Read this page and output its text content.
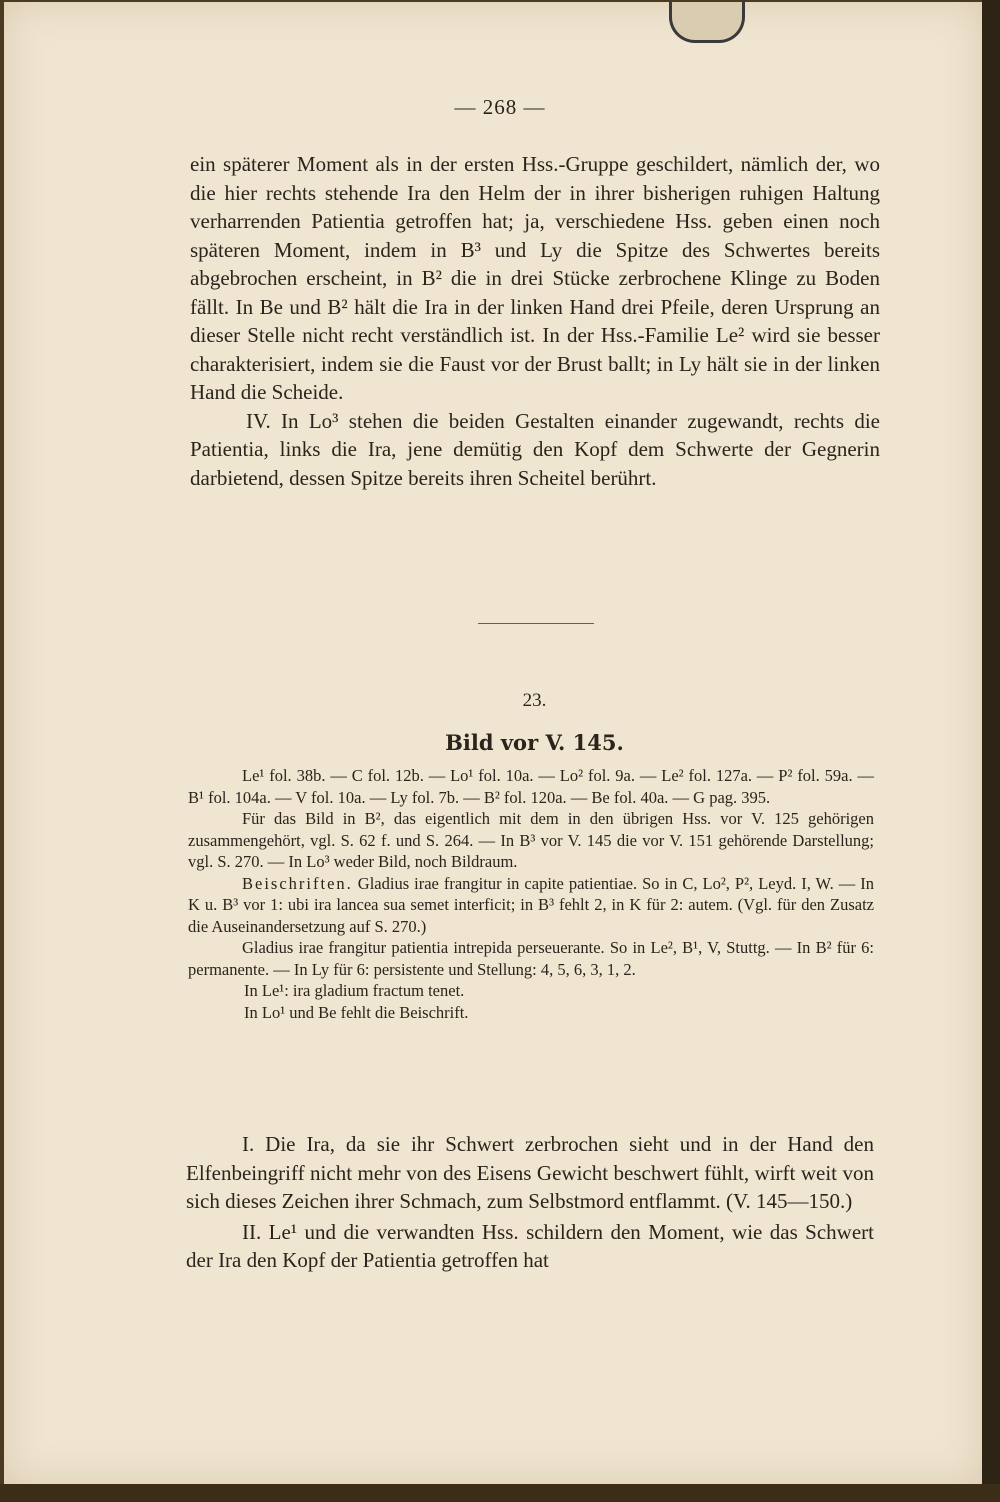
— 268 —

ein späterer Moment als in der ersten Hss.-Gruppe geschildert, nämlich der, wo die hier rechts stehende Ira den Helm der in ihrer bisherigen ruhigen Haltung verharrenden Patientia getroffen hat; ja, verschiedene Hss. geben einen noch späteren Moment, indem in B³ und Ly die Spitze des Schwertes bereits abgebrochen erscheint, in B² die in drei Stücke zerbrochene Klinge zu Boden fällt. In Be und B² hält die Ira in der linken Hand drei Pfeile, deren Ursprung an dieser Stelle nicht recht verständlich ist. In der Hss.-Familie Le² wird sie besser charakterisiert, indem sie die Faust vor der Brust ballt; in Ly hält sie in der linken Hand die Scheide.

IV. In Lo³ stehen die beiden Gestalten einander zugewandt, rechts die Patientia, links die Ira, jene demütig den Kopf dem Schwerte der Gegnerin darbietend, dessen Spitze bereits ihren Scheitel berührt.

23.
Bild vor V. 145.

Le¹ fol. 38b. — C fol. 12b. — Lo¹ fol. 10a. — Lo² fol. 9a. — Le² fol. 127a. — P² fol. 59a. — B¹ fol. 104a. — V fol. 10a. — Ly fol. 7b. — B² fol. 120a. — Be fol. 40a. — G pag. 395.

Für das Bild in B², das eigentlich mit dem in den übrigen Hss. vor V. 125 gehörigen zusammengehört, vgl. S. 62 f. und S. 264. — In B³ vor V. 145 die vor V. 151 gehörende Darstellung; vgl. S. 270. — In Lo³ weder Bild, noch Bildraum.

Beischriften. Gladius irae frangitur in capite patientiae. So in C, Lo², P², Leyd. I, W. — In K u. B³ vor 1: ubi ira lancea sua semet interficit; in B³ fehlt 2, in K für 2: autem. (Vgl. für den Zusatz die Auseinandersetzung auf S. 270.)

Gladius irae frangitur patientia intrepida perseuerante. So in Le², B¹, V, Stuttg. — In B² für 6: permanente. — In Ly für 6: persistente und Stellung: 4, 5, 6, 3, 1, 2.

In Le¹: ira gladium fractum tenet.

In Lo¹ und Be fehlt die Beischrift.

I. Die Ira, da sie ihr Schwert zerbrochen sieht und in der Hand den Elfenbeingriff nicht mehr von des Eisens Gewicht beschwert fühlt, wirft weit von sich dieses Zeichen ihrer Schmach, zum Selbstmord entflammt. (V. 145—150.)

II. Le¹ und die verwandten Hss. schildern den Moment, wie das Schwert der Ira den Kopf der Patientia getroffen hat
